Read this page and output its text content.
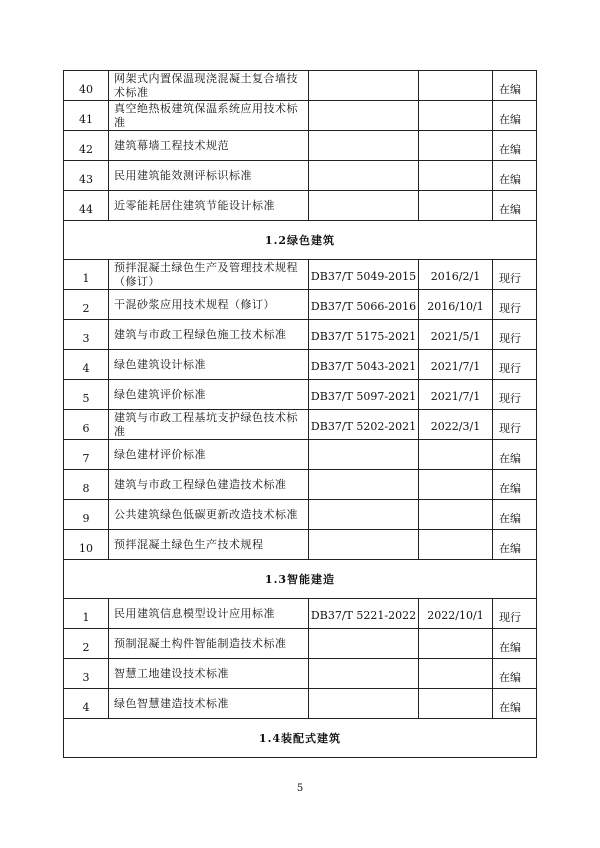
40	网架式内置保温现浇混凝土复合墙技术标准			在编
41	真空绝热板建筑保温系统应用技术标准			在编
42	建筑幕墙工程技术规范			在编
43	民用建筑能效测评标识标准			在编
44	近零能耗居住建筑节能设计标准			在编
1.2绿色建筑				
1	预拌混凝土绿色生产及管理技术规程（修订）	DB37/T 5049-2015	2016/2/1	现行
2	干混砂浆应用技术规程（修订）	DB37/T 5066-2016	2016/10/1	现行
3	建筑与市政工程绿色施工技术标准	DB37/T 5175-2021	2021/5/1	现行
4	绿色建筑设计标准	DB37/T 5043-2021	2021/7/1	现行
5	绿色建筑评价标准	DB37/T 5097-2021	2021/7/1	现行
6	建筑与市政工程基坑支护绿色技术标准	DB37/T 5202-2021	2022/3/1	现行
7	绿色建材评价标准			在编
8	建筑与市政工程绿色建造技术标准			在编
9	公共建筑绿色低碳更新改造技术标准			在编
10	预拌混凝土绿色生产技术规程			在编
1.3智能建造				
1	民用建筑信息模型设计应用标准	DB37/T 5221-2022	2022/10/1	现行
2	预制混凝土构件智能制造技术标准			在编
3	智慧工地建设技术标准			在编
4	绿色智慧建造技术标准			在编
1.4装配式建筑				
5
